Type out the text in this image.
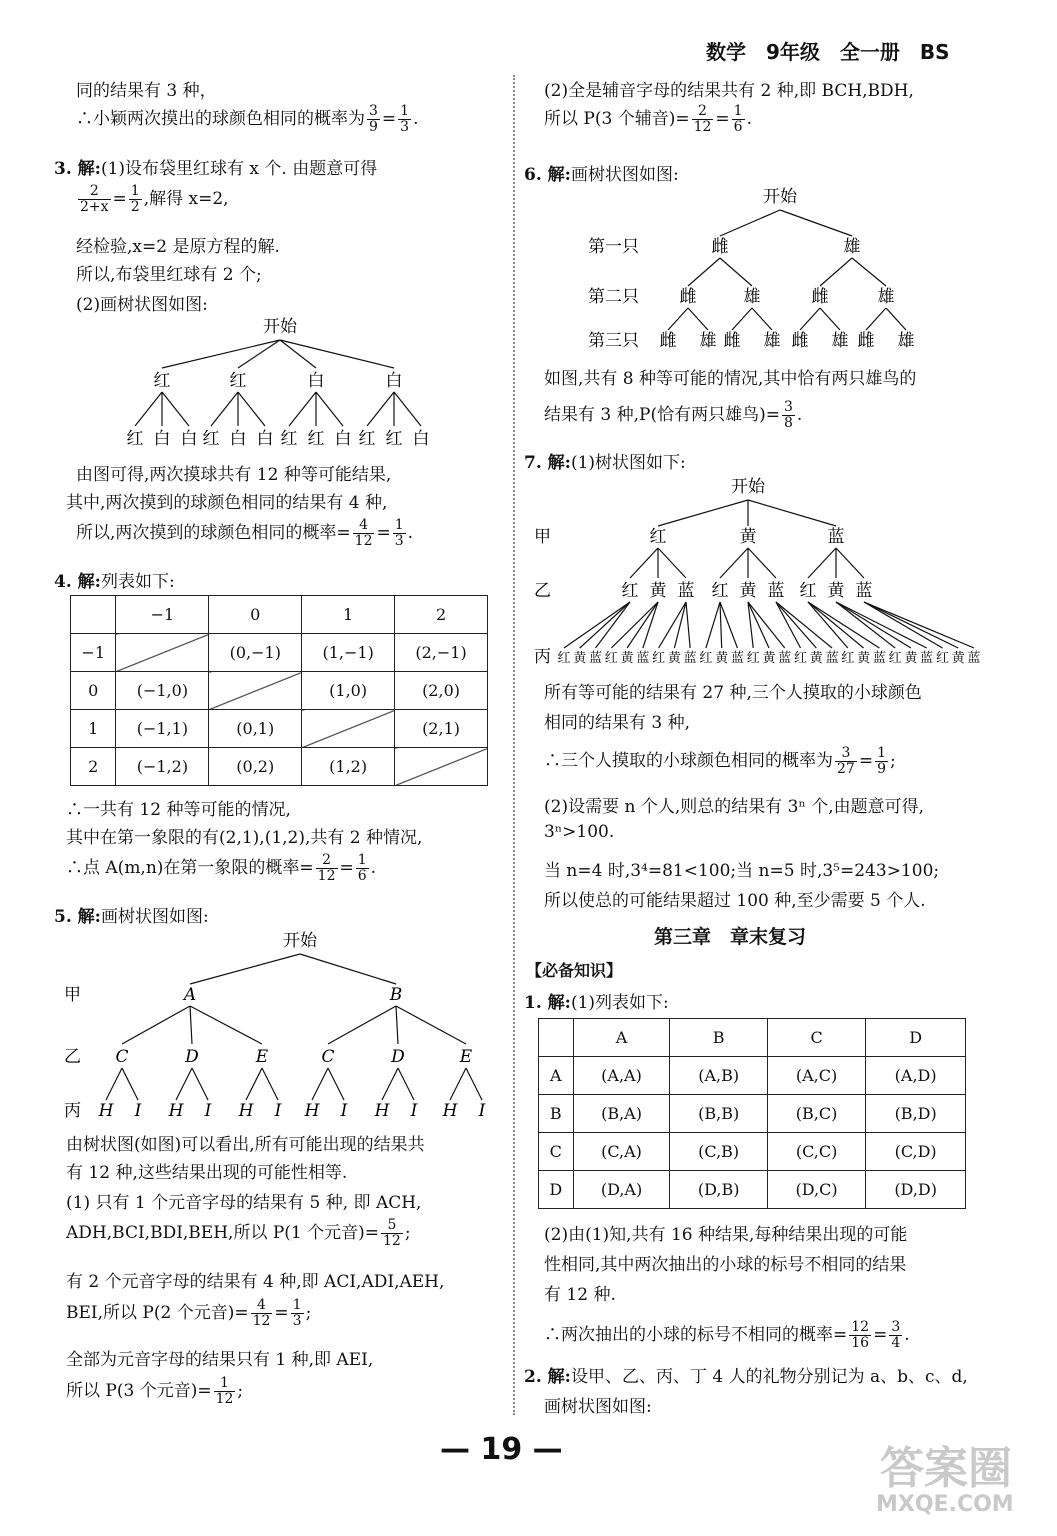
数学　9年级　全一册　BS
同的结果有 3 种，
∴小颖两次摸出的球颜色相同的概率为 $\frac{3}{9} = \frac{1}{3}$ .
3. 解:(1)设布袋里红球有 x 个. 由题意可得
$\frac{2}{2+x} = \frac{1}{2}$ ,解得 x=2,
经检验,x=2 是原方程的解.
所以,布袋里红球有 2 个;
(2)画树状图如图:
开始
红
红 白 白
红
红 白 白
白
红 红 白
白
红 红 白
由图可得,两次摸球共有 12 种等可能结果,
其中,两次摸到的球颜色相同的结果有 4 种,
所以,两次摸到的球颜色相同的概率= $\frac{4}{12} = \frac{1}{3}$ .
4. 解:列表如下:
	−1	0	1	2
−1		(0,−1)	(1,−1)	(2,−1)
0	(−1,0)		(1,0)	(2,0)
1	(−1,1)	(0,1)		(2,1)
2	(−1,2)	(0,2)	(1,2)	
∴一共有 12 种等可能的情况,
其中在第一象限的有(2,1),(1,2),共有 2 种情况,
∴点 A(m,n)在第一象限的概率= $\frac{2}{12} = \frac{1}{6}$ .
5. 解:画树状图如图:
开始
甲
乙
丙
A	B
C
H I
D
H I
E
H I
C
H I
D
H I
E
H I
由树状图(如图)可以看出,所有可能出现的结果共
有 12 种,这些结果出现的可能性相等.
(1) 只有 1 个元音字母的结果有 5 种, 即 ACH,
ADH,BCI,BDI,BEH,所以 P(1 个元音)= $\frac{5}{12}$ ;
有 2 个元音字母的结果有 4 种,即 ACI,ADI,AEH,
BEI,所以 P(2 个元音)= $\frac{4}{12} = \frac{1}{3}$ ;
全部为元音字母的结果只有 1 种,即 AEI,
所以 P(3 个元音)= $\frac{1}{12}$ ;
(2)全是辅音字母的结果共有 2 种,即 BCH,BDH,
所以 P(3 个辅音)= $\frac{2}{12} = \frac{1}{6}$ .
6. 解:画树状图如图:
开始
第一只
第二只
第三只
雌	雄
雌
雌 雄
雄
雌 雄
雌
雌 雄
雄
雌 雄
如图,共有 8 种等可能的情况,其中恰有两只雄鸟的
结果有 3 种,P(恰有两只雄鸟)= $\frac{3}{8}$ .
7. 解:(1)树状图如下:
开始
甲
乙
丙
红	黄	蓝
红 黄 蓝 红 黄 蓝 红 黄 蓝
红 黄 蓝 红 黄 蓝 红 黄 蓝 红 黄 蓝 红 黄 蓝 红 黄 蓝 红 黄 蓝 红 黄 蓝 红 黄 蓝
所有等可能的结果有 27 种,三个人摸取的小球颜色
相同的结果有 3 种,
∴三个人摸取的小球颜色相同的概率为 $\frac{3}{27} = \frac{1}{9}$ ;
(2)设需要 n 个人,则总的结果有 3ⁿ 个,由题意可得,
3ⁿ>100.
当 n=4 时,3⁴=81<100;当 n=5 时,3⁵=243>100;
所以使总的可能结果超过 100 种,至少需要 5 个人.
第三章　章末复习
【必备知识】
1. 解:(1)列表如下:
	A	B	C	D
A	(A,A)	(A,B)	(A,C)	(A,D)
B	(B,A)	(B,B)	(B,C)	(B,D)
C	(C,A)	(C,B)	(C,C)	(C,D)
D	(D,A)	(D,B)	(D,C)	(D,D)
(2)由(1)知,共有 16 种结果,每种结果出现的可能
性相同,其中两次抽出的小球的标号不相同的结果
有 12 种.
∴两次抽出的小球的标号不相同的概率= $\frac{12}{16} = \frac{3}{4}$ .
2. 解:设甲、乙、丙、丁 4 人的礼物分别记为 a、b、c、d,
画树状图如图:
— 19 —	答案圈
MXQE.COM
